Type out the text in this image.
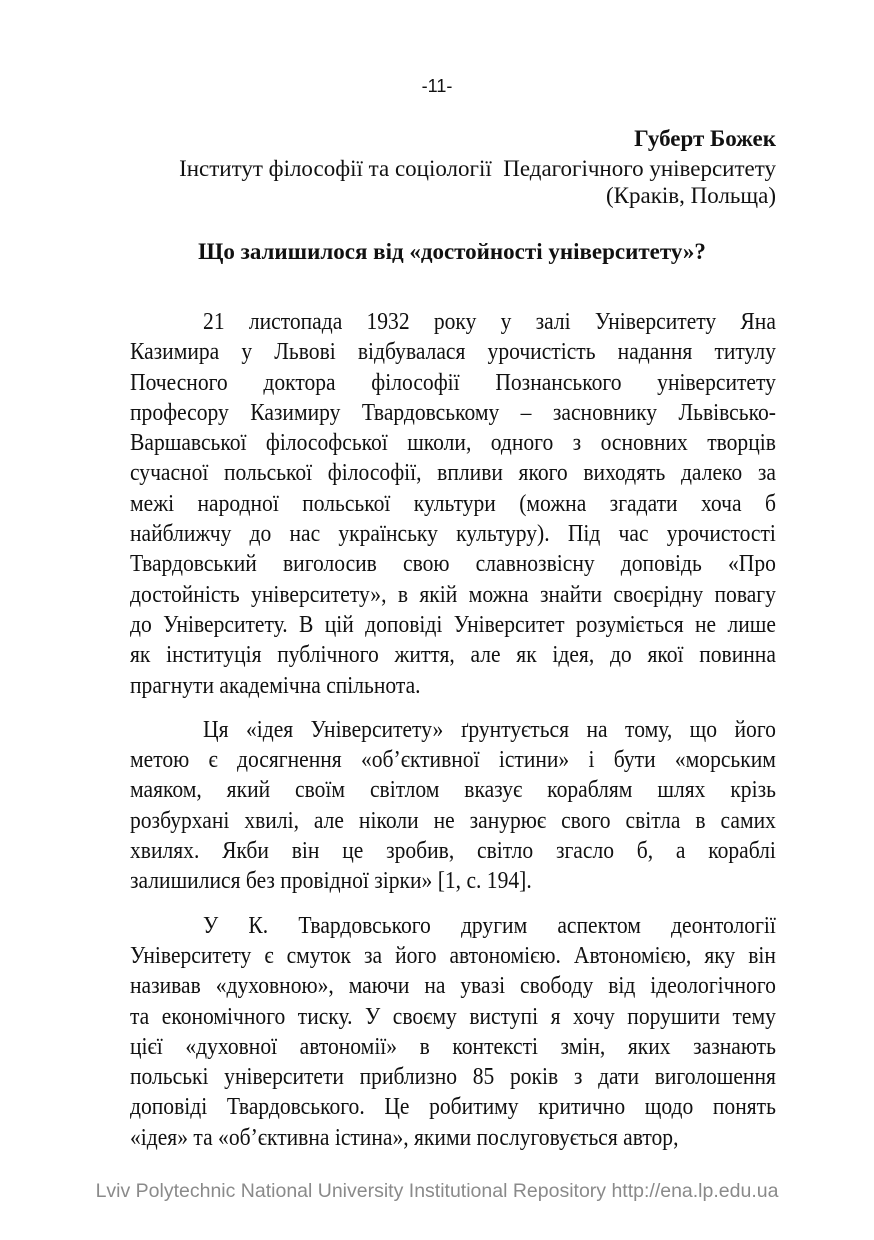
-11-
Губерт Божек
Інститут філософії та соціології  Педагогічного університету
(Краків, Польща)
Що залишилося від «достойності університету»?
21 листопада 1932 року у залі Університету Яна
Казимира у Львові відбувалася урочистість надання титулу
Почесного доктора філософії Познанського університету
професору Казимиру Твардовському – засновнику Львівсько-
Варшавської філософської школи, одного з основних творців
сучасної польської філософії, впливи якого виходять далеко за
межі народної польської культури (можна згадати хоча б
найближчу до нас українську культуру). Під час урочистості
Твардовський виголосив свою славнозвісну доповідь «Про
достойність університету», в якій можна знайти своєрідну повагу
до Університету. В цій доповіді Університет розуміється не лише
як інституція публічного життя, але як ідея, до якої повинна
прагнути академічна спільнота.
Ця «ідея Університету» ґрунтується на тому, що його
метою є досягнення «об’єктивної істини» і бути «морським
маяком, який своїм світлом вказує кораблям шлях крізь
розбурхані хвилі, але ніколи не занурює свого світла в самих
хвилях. Якби він це зробив, світло згасло б, а кораблі
залишилися без провідної зірки» [1, с. 194].
У К. Твардовського другим аспектом деонтології
Університету є смуток за його автономією. Автономією, яку він
називав «духовною», маючи на увазі свободу від ідеологічного
та економічного тиску. У своєму виступі я хочу порушити тему
цієї «духовної автономії» в контексті змін, яких зазнають
польські університети приблизно 85 років з дати виголошення
доповіді Твардовського. Це робитиму критично щодо понять
«ідея» та «об’єктивна істина», якими послуговується автор,
Lviv Polytechnic National University Institutional Repository http://ena.lp.edu.ua
